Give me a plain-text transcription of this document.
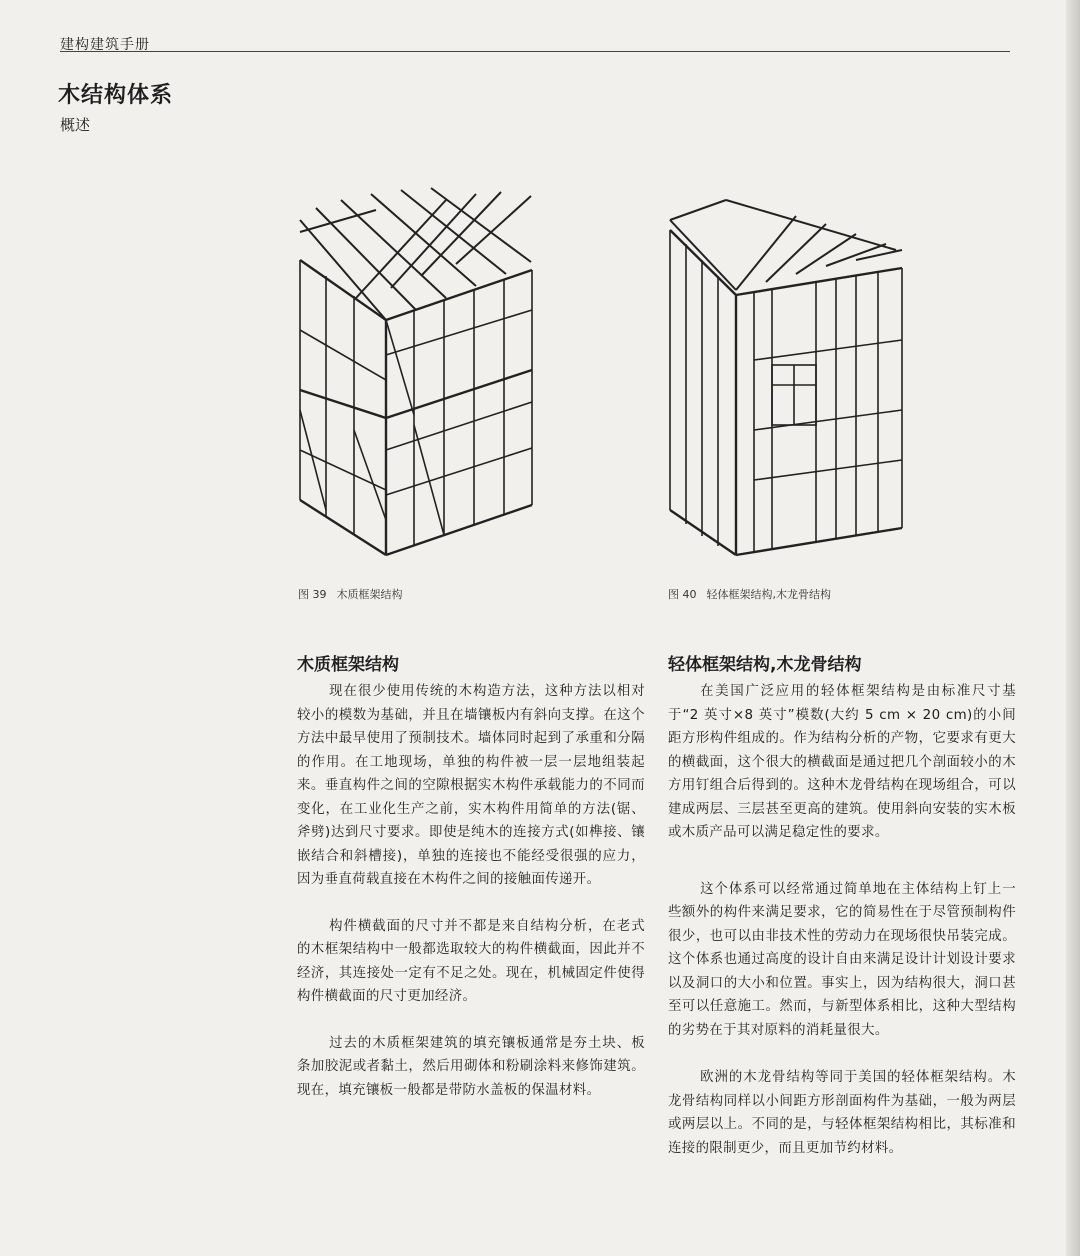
建构建筑手册
木结构体系
概述
图 39 木质框架结构	图 40 轻体框架结构,木龙骨结构
木质框架结构

现在很少使用传统的木构造方法，这种方法以相对较小的模数为基础，并且在墙镶板内有斜向支撑。在这个方法中最早使用了预制技术。墙体同时起到了承重和分隔的作用。在工地现场，单独的构件被一层一层地组装起来。垂直构件之间的空隙根据实木构件承载能力的不同而变化，在工业化生产之前，实木构件用简单的方法(锯、斧劈)达到尺寸要求。即使是纯木的连接方式(如榫接、镶嵌结合和斜槽接)，单独的连接也不能经受很强的应力，因为垂直荷载直接在木构件之间的接触面传递开。

构件横截面的尺寸并不都是来自结构分析，在老式的木框架结构中一般都选取较大的构件横截面，因此并不经济，其连接处一定有不足之处。现在，机械固定件使得构件横截面的尺寸更加经济。

过去的木质框架建筑的填充镶板通常是夯土块、板条加胶泥或者黏土，然后用砌体和粉刷涂料来修饰建筑。现在，填充镶板一般都是带防水盖板的保温材料。

轻体框架结构,木龙骨结构

在美国广泛应用的轻体框架结构是由标准尺寸基于“2 英寸×8 英寸”模数(大约 5 cm × 20 cm)的小间距方形构件组成的。作为结构分析的产物，它要求有更大的横截面，这个很大的横截面是通过把几个剖面较小的木方用钉组合后得到的。这种木龙骨结构在现场组合，可以建成两层、三层甚至更高的建筑。使用斜向安装的实木板或木质产品可以满足稳定性的要求。

这个体系可以经常通过简单地在主体结构上钉上一些额外的构件来满足要求，它的简易性在于尽管预制构件很少，也可以由非技术性的劳动力在现场很快吊装完成。这个体系也通过高度的设计自由来满足设计计划设计要求以及洞口的大小和位置。事实上，因为结构很大，洞口甚至可以任意施工。然而，与新型体系相比，这种大型结构的劣势在于其对原料的消耗量很大。

欧洲的木龙骨结构等同于美国的轻体框架结构。木龙骨结构同样以小间距方形剖面构件为基础，一般为两层或两层以上。不同的是，与轻体框架结构相比，其标准和连接的限制更少，而且更加节约材料。
